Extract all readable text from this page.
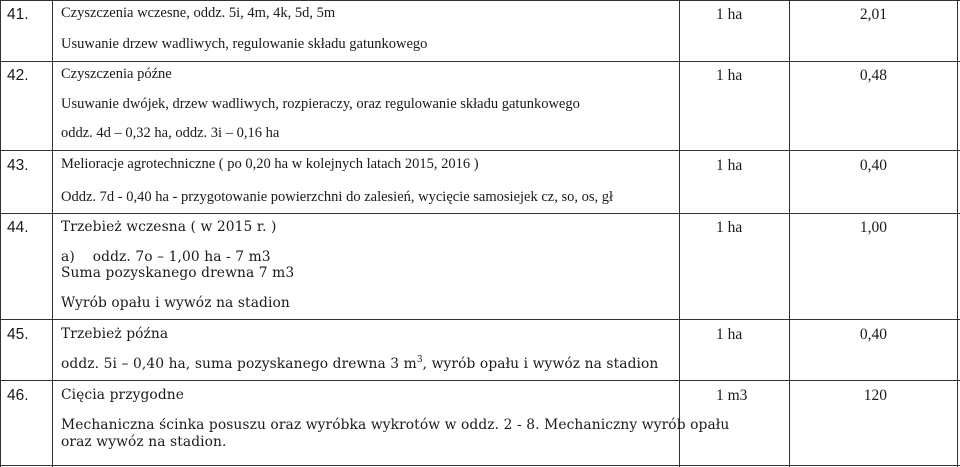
41. Czyszczenia wczesne, oddz. 5i, 4m, 4k, 5d, 5m
Usuwanie drzew wadliwych, regulowanie składu gatunkowego
1 ha	2,01
42. Czyszczenia późne
Usuwanie dwójek, drzew wadliwych, rozpieraczy, oraz regulowanie składu gatunkowego
oddz. 4d – 0,32 ha, oddz. 3i – 0,16 ha
1 ha	0,48
43. Melioracje agrotechniczne ( po 0,20 ha w kolejnych latach 2015, 2016 )
Oddz. 7d - 0,40 ha - przygotowanie powierzchni do zalesień, wycięcie samosiejek cz, so, os, gł
1 ha	0,40
44. Trzebież wczesna ( w 2015 r. )
a)    oddz. 7o – 1,00 ha - 7 m3
Suma pozyskanego drewna 7 m3
Wyrób opału i wywóz na stadion
1 ha	1,00
45. Trzebież późna
oddz. 5i – 0,40 ha, suma pozyskanego drewna 3 $m^3$, wyrób opału i wywóz na stadion
1 ha	0,40
46. Cięcia przygodne
Mechaniczna ścinka posuszu oraz wyróbka wykrotów w oddz. 2 - 8. Mechaniczny wyrób opału
oraz wywóz na stadion.
1 m3	120
